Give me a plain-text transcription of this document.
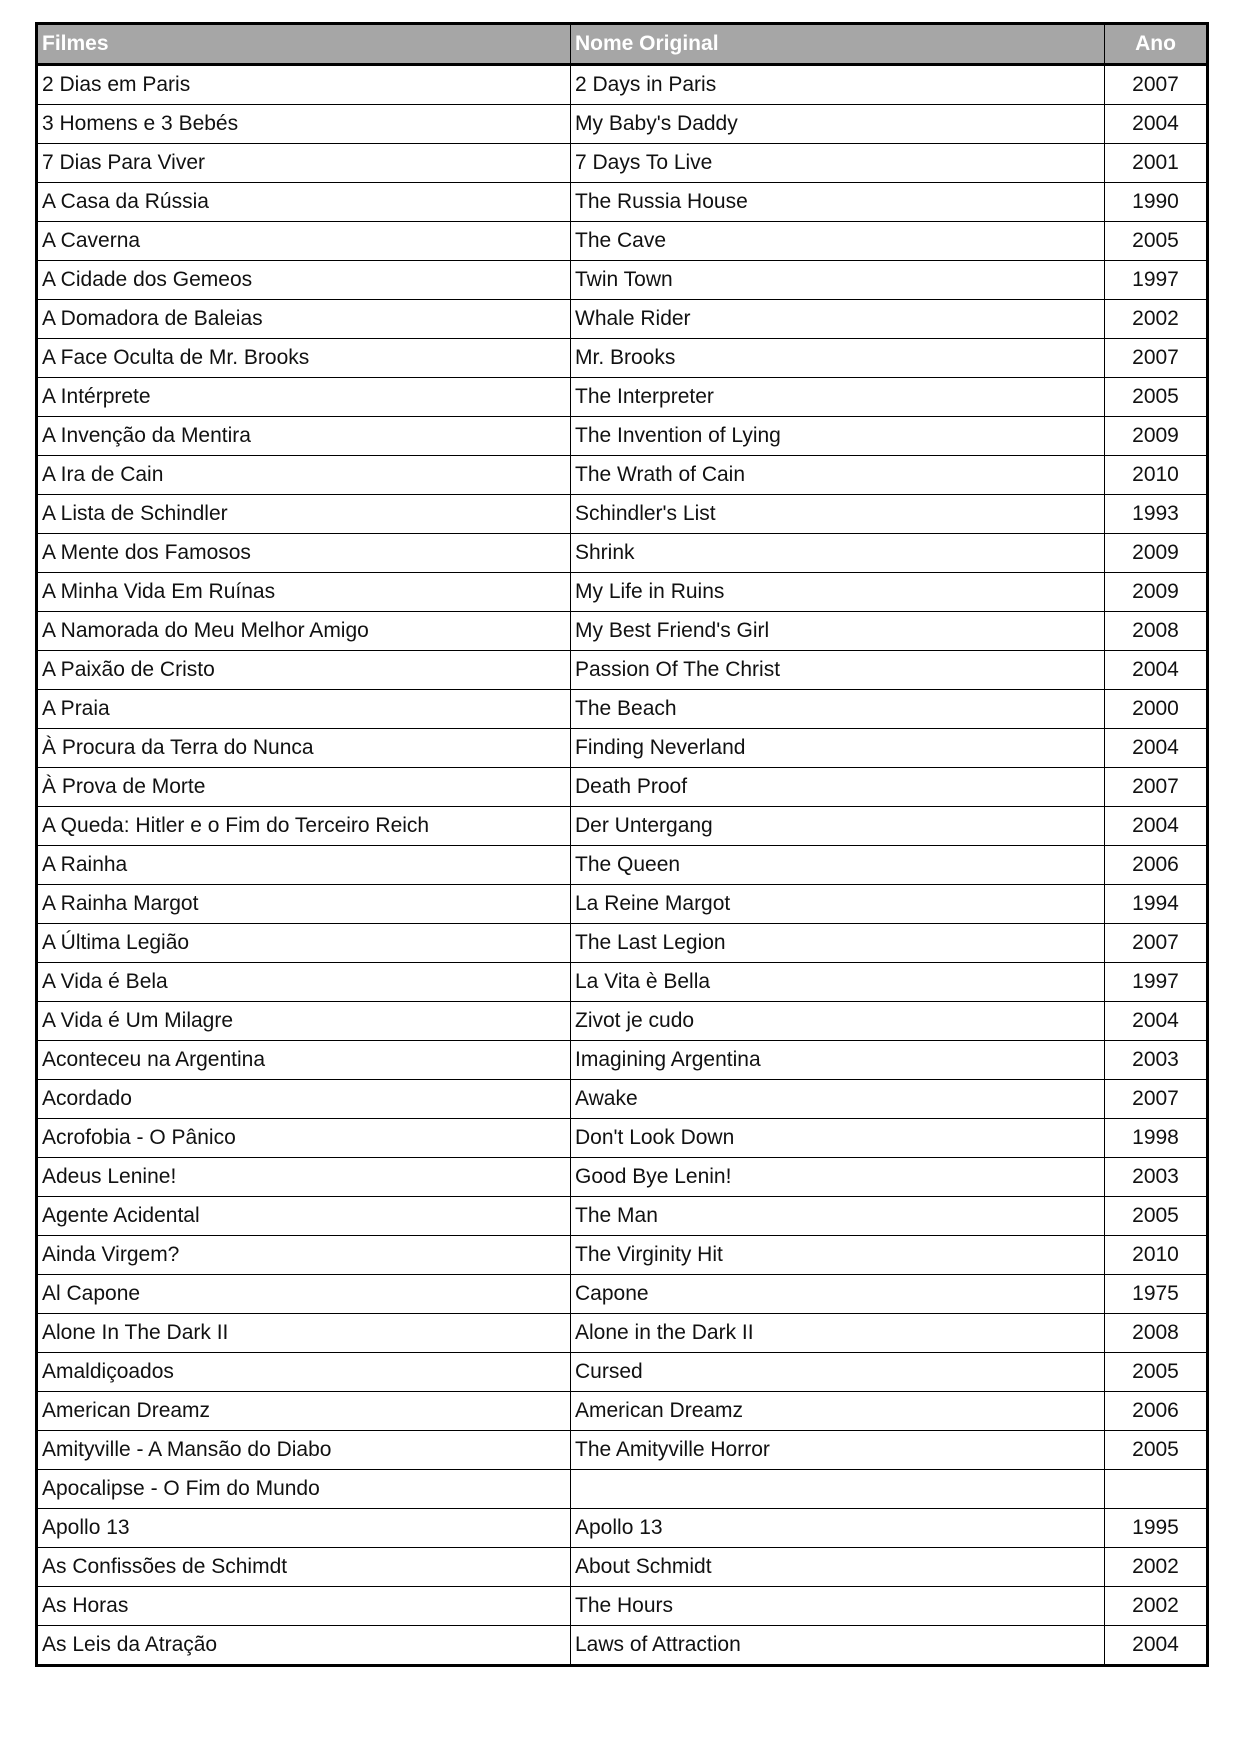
Filmes	Nome Original	Ano
2 Dias em Paris	2 Days in Paris	2007
3 Homens e 3 Bebés	My Baby's Daddy	2004
7 Dias Para Viver	7 Days To Live	2001
A Casa da Rússia	The Russia House	1990
A Caverna	The Cave	2005
A Cidade dos Gemeos	Twin Town	1997
A Domadora de Baleias	Whale Rider	2002
A Face Oculta de Mr. Brooks	Mr. Brooks	2007
A Intérprete	The Interpreter	2005
A Invenção da Mentira	The Invention of Lying	2009
A Ira de Cain	The Wrath of Cain	2010
A Lista de Schindler	Schindler's List	1993
A Mente dos Famosos	Shrink	2009
A Minha Vida Em Ruínas	My Life in Ruins	2009
A Namorada do Meu Melhor Amigo	My Best Friend's Girl	2008
A Paixão de Cristo	Passion Of The Christ	2004
A Praia	The Beach	2000
À Procura da Terra do Nunca	Finding Neverland	2004
À Prova de Morte	Death Proof	2007
A Queda: Hitler e o Fim do Terceiro Reich	Der Untergang	2004
A Rainha	The Queen	2006
A Rainha Margot	La Reine Margot	1994
A Última Legião	The Last Legion	2007
A Vida é Bela	La Vita è Bella	1997
A Vida é Um Milagre	Zivot je cudo	2004
Aconteceu na Argentina	Imagining Argentina	2003
Acordado	Awake	2007
Acrofobia - O Pânico	Don't Look Down	1998
Adeus Lenine!	Good Bye Lenin!	2003
Agente Acidental	The Man	2005
Ainda Virgem?	The Virginity Hit	2010
Al Capone	Capone	1975
Alone In The Dark II	Alone in the Dark II	2008
Amaldiçoados	Cursed	2005
American Dreamz	American Dreamz	2006
Amityville - A Mansão do Diabo	The Amityville Horror	2005
Apocalipse - O Fim do Mundo		
Apollo 13	Apollo 13	1995
As Confissões de Schimdt	About Schmidt	2002
As Horas	The Hours	2002
As Leis da Atração	Laws of Attraction	2004
